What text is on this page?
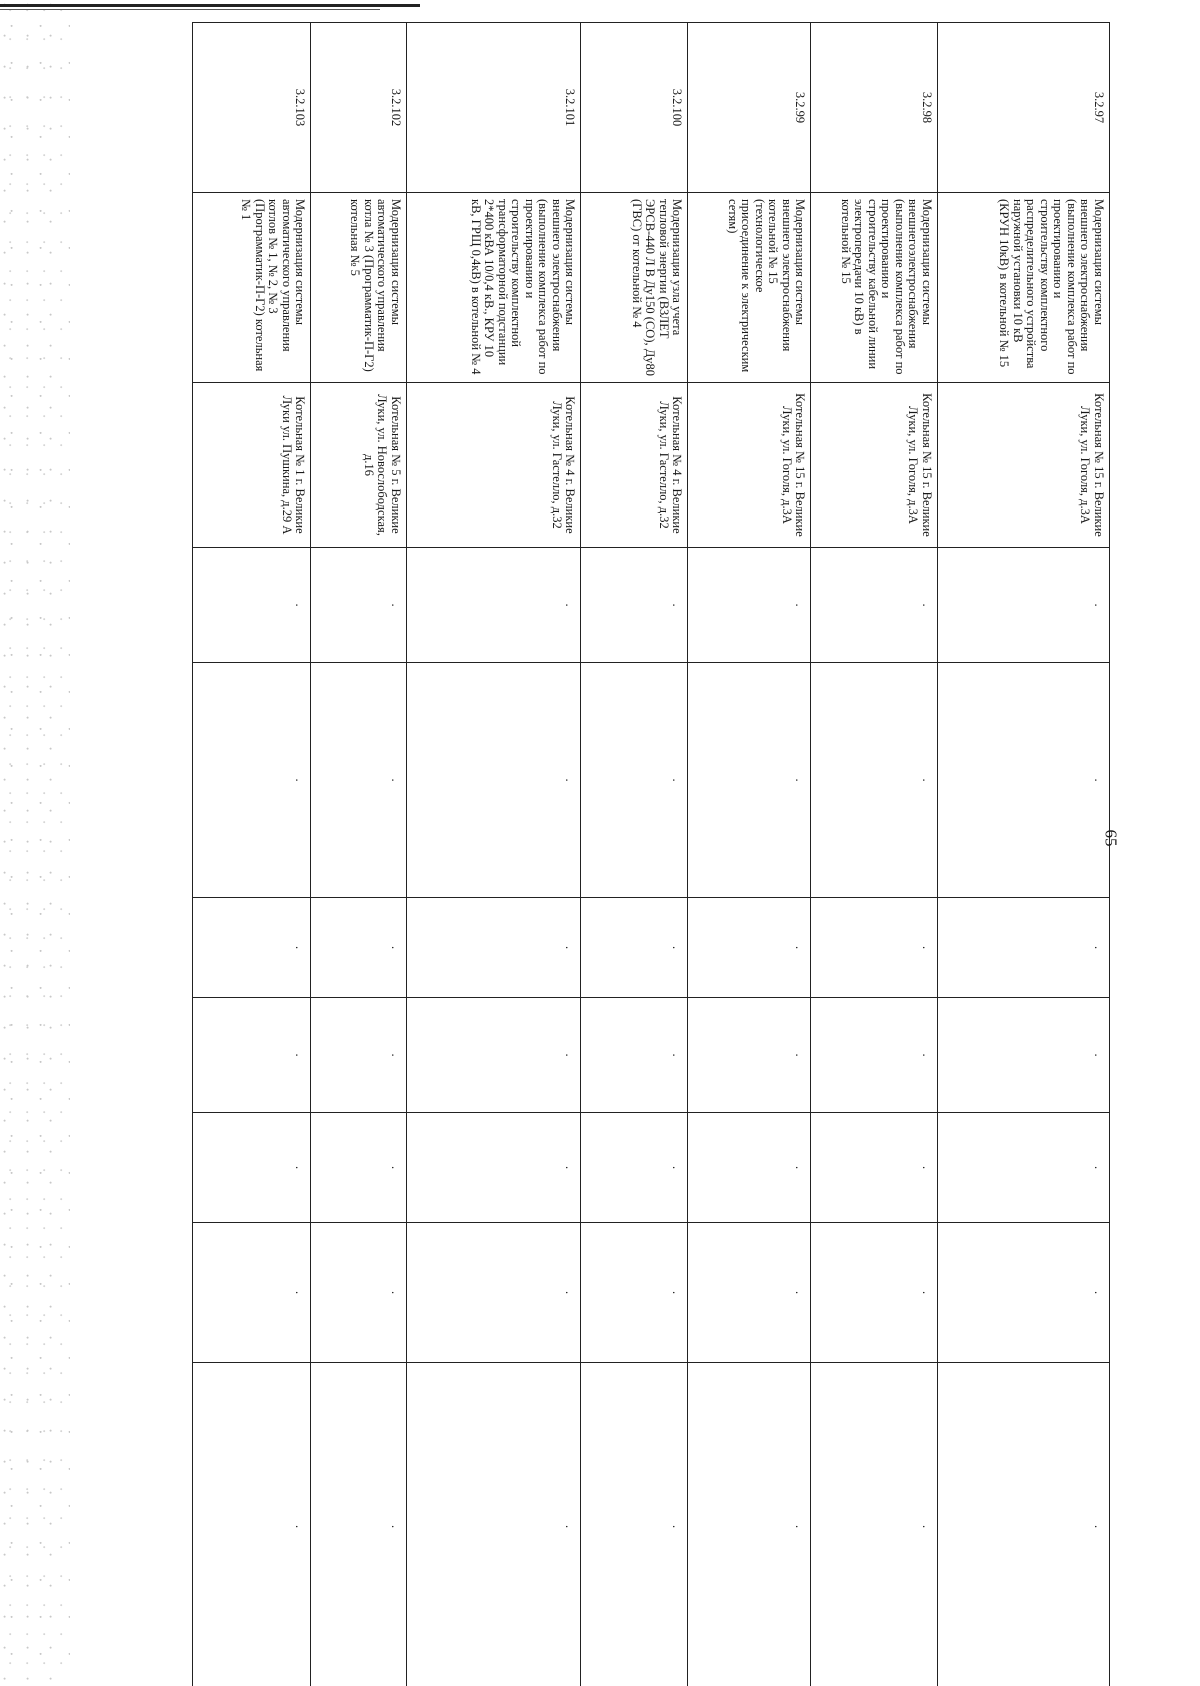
3.2.97	Модернизация системы внешнего электроснабжения (выполнение комплекса работ по проектированию и строительству комплектного распределительного устройства наружной установки 10 кВ (КРУН 10кВ) в котельной № 15	Котельная № 15 г. Великие Луки, ул. Гоголя, д.3А	.	.	.	.	.	.	.
3.2.98	Модернизация системы внешнегоэлектроснабжения (выполнение комплекса работ по проектированию и строительству кабельной линии электропередачи 10 кВ) в котельной № 15	Котельная № 15 г. Великие Луки, ул. Гоголя, д.3А	.	.	.	.	.	.	.
3.2.99	Модернизация системы внешнего электроснабжения котельной № 15 (технологическое присоединение к электрическим сетям)	Котельная № 15 г. Великие Луки, ул. Гоголя, д.3А	.	.	.	.	.	.	.
3.2.100	Модернизация узла учета тепловой энергии (ВЗЛЕТ ЭРСВ-440 Л В Ду150 (СО), Ду80 (ГВС) от котельной № 4	Котельная № 4 г. Великие Луки, ул. Гастелло, д.32	.	.	.	.	.	.	.
3.2.101	Модернизация системы внешнего электроснабжения (выполнение комплекса работ по проектированию и строительству комплектной трансформаторной подстанции 2*400 кВА 10/0,4 кВ., КРУ 10 кВ, ГРЩ 0,4кВ) в котельной № 4	Котельная № 4 г. Великие Луки, ул. Гастелло, д.32	.	.	.	.	.	.	.
3.2.102	Модернизация системы автоматического управления котла № 3 (Программатик-П-Г2) котельная № 5	Котельная № 5 г. Великие Луки, ул. Новослободская, д.16	.	.	.	.	.	.	.
3.2.103	Модернизация системы автоматического управления котлов № 1, № 2, № 3 (Программатик-П-Г2) котельная № 1	Котельная № 1 г. Великие Луки ул. Пушкина, д.29 А	.	.	.	.	.	.	.
65
